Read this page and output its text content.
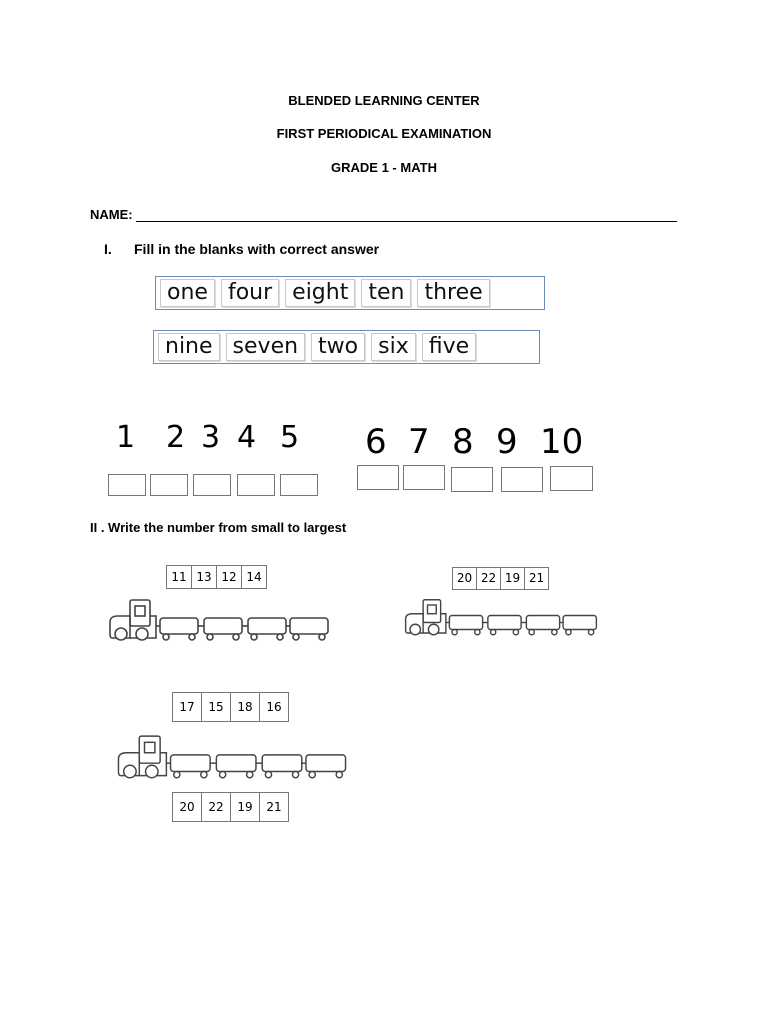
BLENDED LEARNING CENTER
FIRST PERIODICAL EXAMINATION
GRADE 1 - MATH
NAME:
I. Fill in the blanks with correct answer
one four eight ten three
nine seven two six five
1 2 3 4 5 6 7 8 9 10
II . Write the number from small to largest
11 13 12 14	20 22 19 21
17	15	18	16
20	22	19	21
